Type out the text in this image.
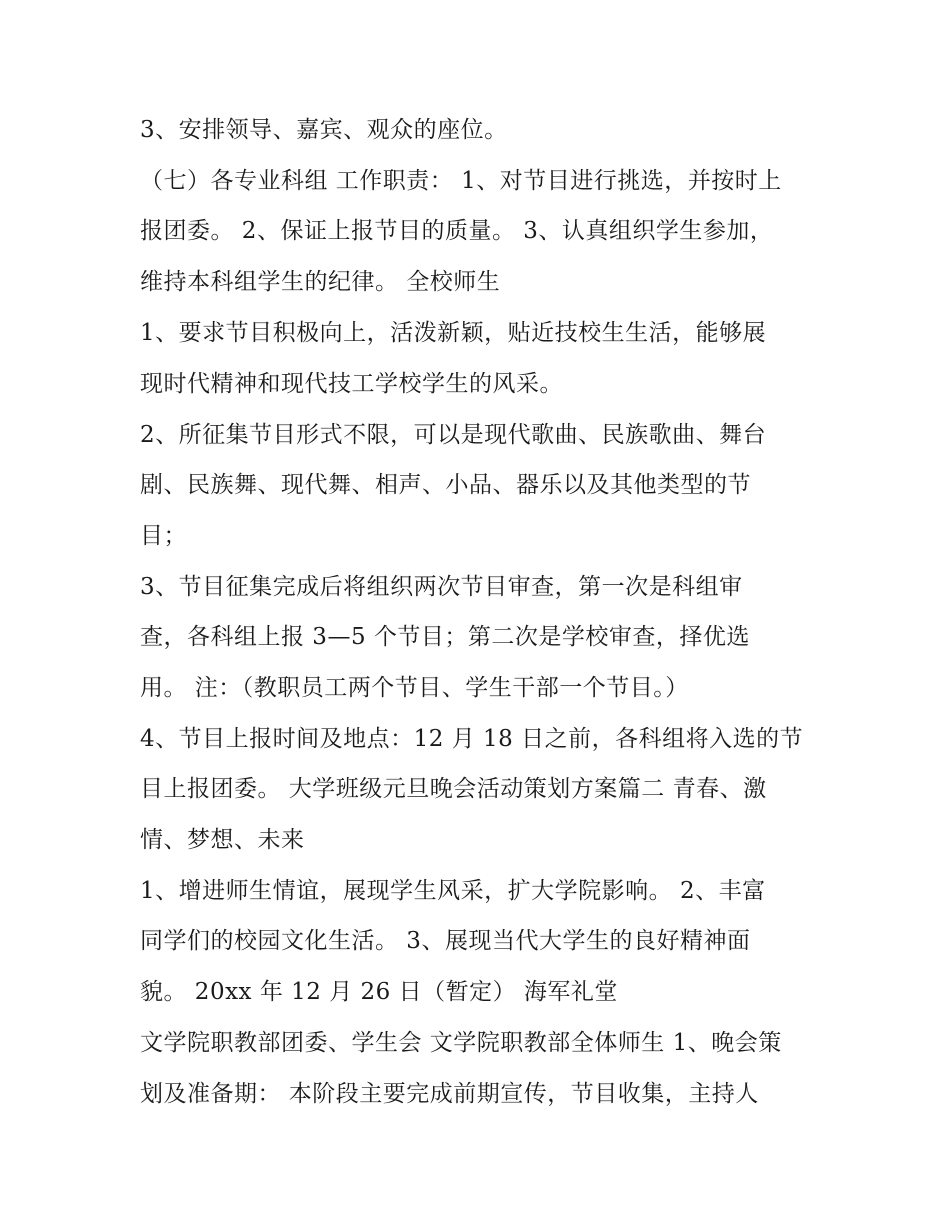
3、安排领导、嘉宾、观众的座位。
（七）各专业科组 工作职责： 1、对节目进行挑选，并按时上
报团委。 2、保证上报节目的质量。 3、认真组织学生参加，
维持本科组学生的纪律。 全校师生
1、要求节目积极向上，活泼新颖，贴近技校生生活，能够展
现时代精神和现代技工学校学生的风采。
2、所征集节目形式不限，可以是现代歌曲、民族歌曲、舞台
剧、民族舞、现代舞、相声、小品、器乐以及其他类型的节
目；
3、节目征集完成后将组织两次节目审查，第一次是科组审
查，各科组上报 3—5 个节目；第二次是学校审查，择优选
用。 注：（教职员工两个节目、学生干部一个节目。）
4、节目上报时间及地点：12 月 18 日之前，各科组将入选的节
目上报团委。 大学班级元旦晚会活动策划方案篇二 青春、激
情、梦想、未来
1、增进师生情谊，展现学生风采，扩大学院影响。 2、丰富
同学们的校园文化生活。 3、展现当代大学生的良好精神面
貌。 20xx 年 12 月 26 日（暂定） 海军礼堂
文学院职教部团委、学生会 文学院职教部全体师生 1、晚会策
划及准备期： 本阶段主要完成前期宣传，节目收集，主持人
